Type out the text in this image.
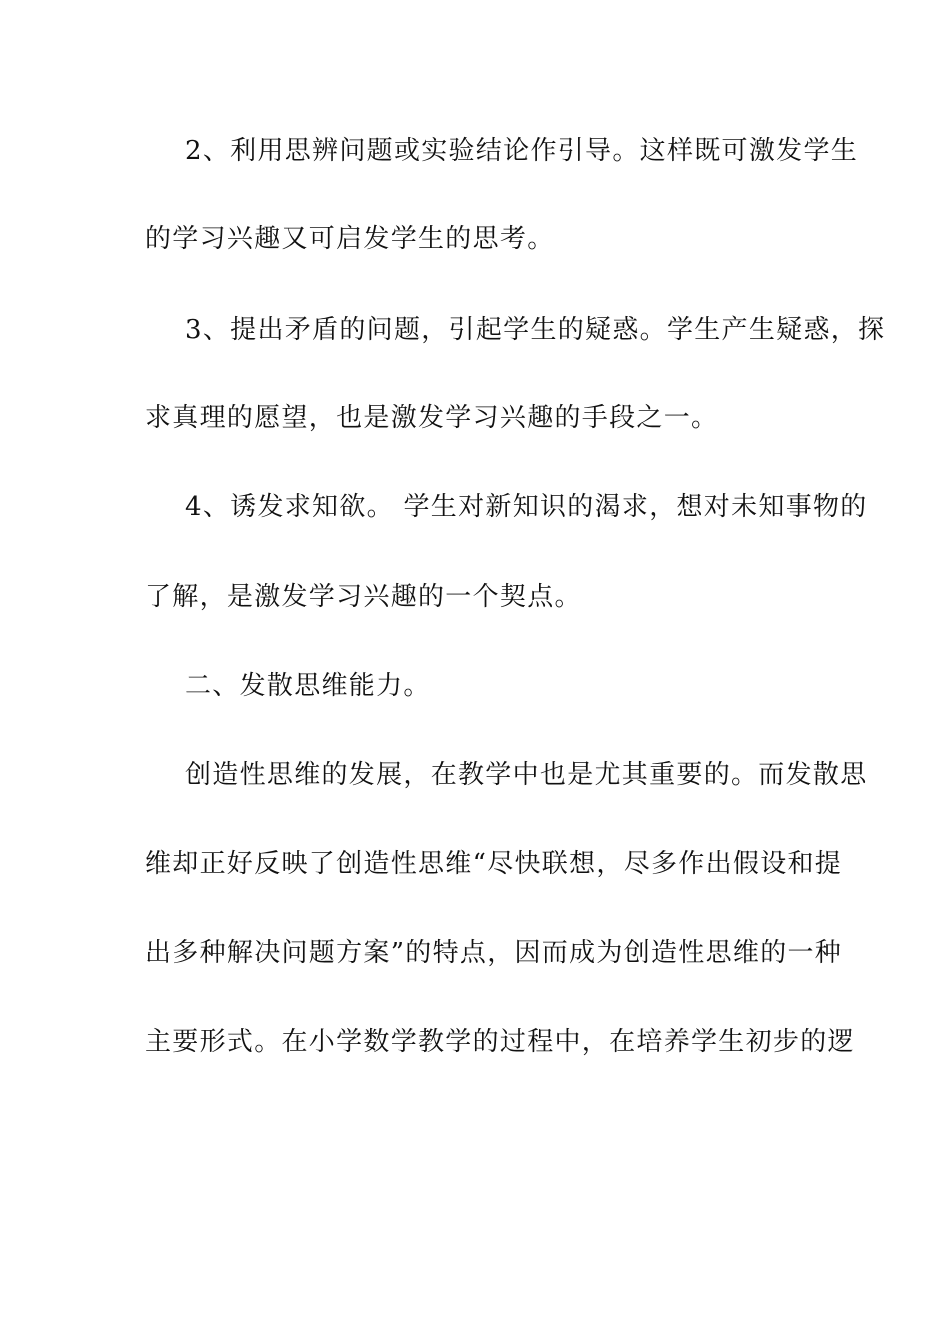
2、利用思辨问题或实验结论作引导。这样既可激发学生
的学习兴趣又可启发学生的思考。
3、提出矛盾的问题，引起学生的疑惑。学生产生疑惑，探
求真理的愿望，也是激发学习兴趣的手段之一。
4、诱发求知欲。 学生对新知识的渴求，想对未知事物的
了解，是激发学习兴趣的一个契点。
二、发散思维能力。
创造性思维的发展，在教学中也是尤其重要的。而发散思
维却正好反映了创造性思维“尽快联想，尽多作出假设和提
出多种解决问题方案”的特点，因而成为创造性思维的一种
主要形式。在小学数学教学的过程中，在培养学生初步的逻
